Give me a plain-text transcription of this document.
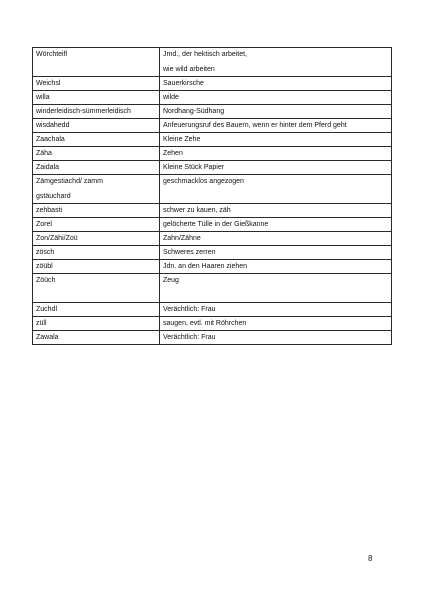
Wörchteifl	Jmd., der hektisch arbeitet,
wie wild arbeiten

Weichsl	Sauerkirsche

willa	wilde

winderleidisch-sümmerleidisch	Nordhang-Südhang

wisdahedd	Anfeuerungsruf des Bauern, wenn er hinter dem Pferd geht

Zaachala	Kleine Zehe

Zäha	Zehen

Zaidala	Kleine Stück Papier

Zämgestiachd/ zamm
gstäuchard	geschmacklos angezogen

zehbasti	schwer zu kauen, zäh

Zorel	gelöcherte Tülle in der Gießkanne

Zon/Zähi/Zoü	Zahn/Zähne

zösch	Schweres zerren

zöübl	Jdn. an den Haaren ziehen

Zöüch	Zeug

Zuchdl	Verächtlich: Frau

züll	saugen, evtl. mit Röhrchen

Zawala	Verächtlich: Frau
8
